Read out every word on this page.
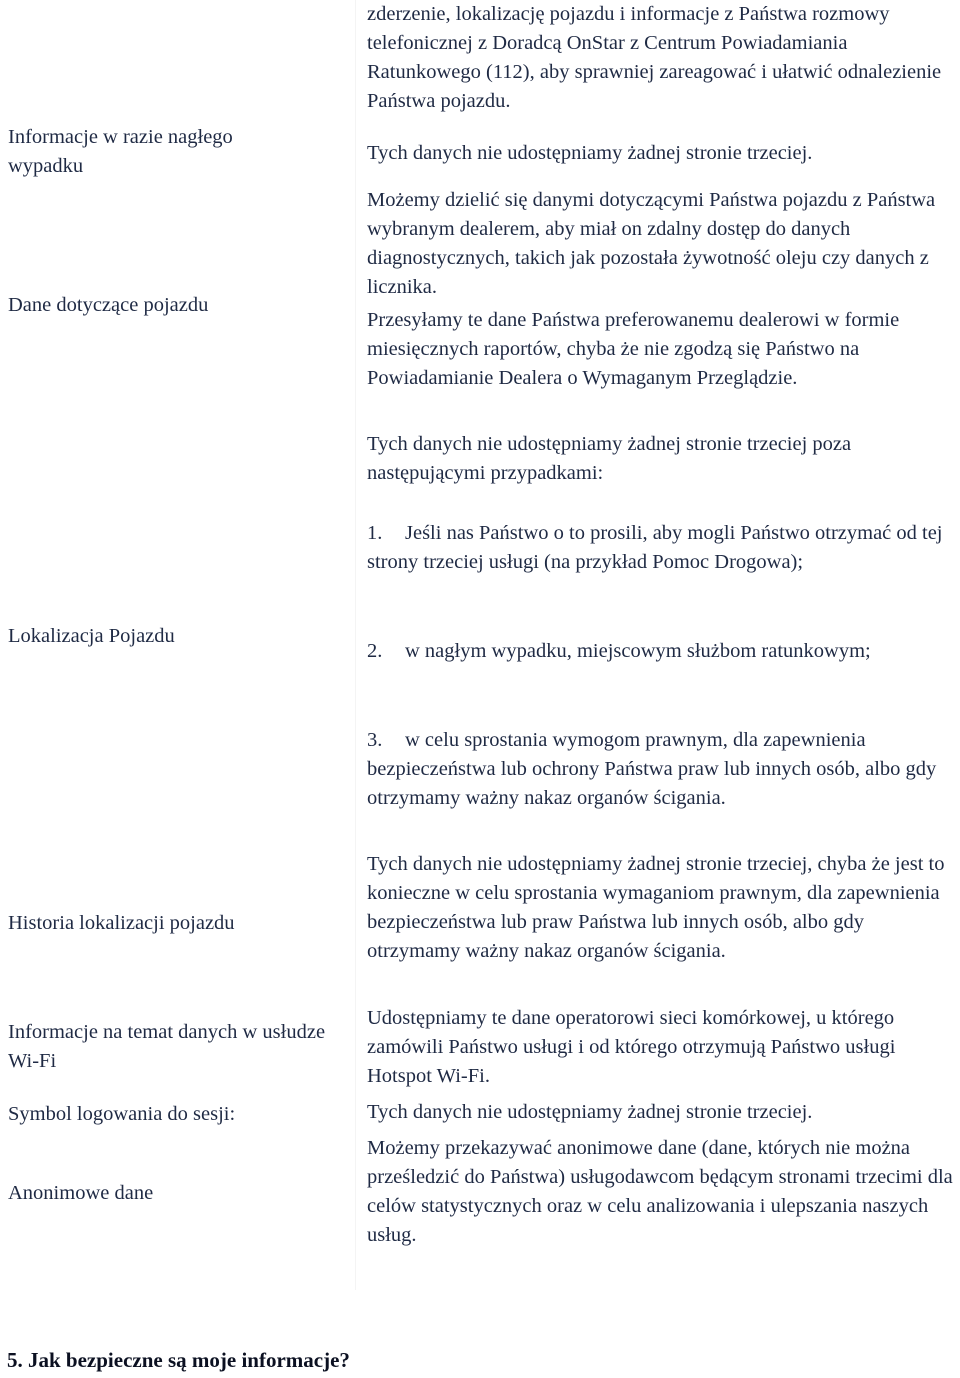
Informacje w razie nagłego wypadku
Dane dotyczące pojazdu
Lokalizacja Pojazdu
Historia lokalizacji pojazdu
Informacje na temat danych w usłudze Wi-Fi
Symbol logowania do sesji:
Anonimowe dane
zderzenie, lokalizację pojazdu i informacje z Państwa rozmowy telefonicznej z Doradcą OnStar z Centrum Powiadamiania Ratunkowego (112), aby sprawniej zareagować i ułatwić odnalezienie Państwa pojazdu.
Tych danych nie udostępniamy żadnej stronie trzeciej.
Możemy dzielić się danymi dotyczącymi Państwa pojazdu z Państwa wybranym dealerem, aby miał on zdalny dostęp do danych diagnostycznych, takich jak pozostała żywotność oleju czy danych z licznika.
Przesyłamy te dane Państwa preferowanemu dealerowi w formie miesięcznych raportów, chyba że nie zgodzą się Państwo na Powiadamianie Dealera o Wymaganym Przeglądzie.
Tych danych nie udostępniamy żadnej stronie trzeciej poza następującymi przypadkami:
1. Jeśli nas Państwo o to prosili, aby mogli Państwo otrzymać od tej strony trzeciej usługi (na przykład Pomoc Drogowa);
2. w nagłym wypadku, miejscowym służbom ratunkowym;
3. w celu sprostania wymogom prawnym, dla zapewnienia bezpieczeństwa lub ochrony Państwa praw lub innych osób, albo gdy otrzymamy ważny nakaz organów ścigania.
Tych danych nie udostępniamy żadnej stronie trzeciej, chyba że jest to konieczne w celu sprostania wymaganiom prawnym, dla zapewnienia bezpieczeństwa lub praw Państwa lub innych osób, albo gdy otrzymamy ważny nakaz organów ścigania.
Udostępniamy te dane operatorowi sieci komórkowej, u którego zamówili Państwo usługi i od którego otrzymują Państwo usługi Hotspot Wi-Fi.
Tych danych nie udostępniamy żadnej stronie trzeciej.
Możemy przekazywać anonimowe dane (dane, których nie można prześledzić do Państwa) usługodawcom będącym stronami trzecimi dla celów statystycznych oraz w celu analizowania i ulepszania naszych usług.
5. Jak bezpieczne są moje informacje?
